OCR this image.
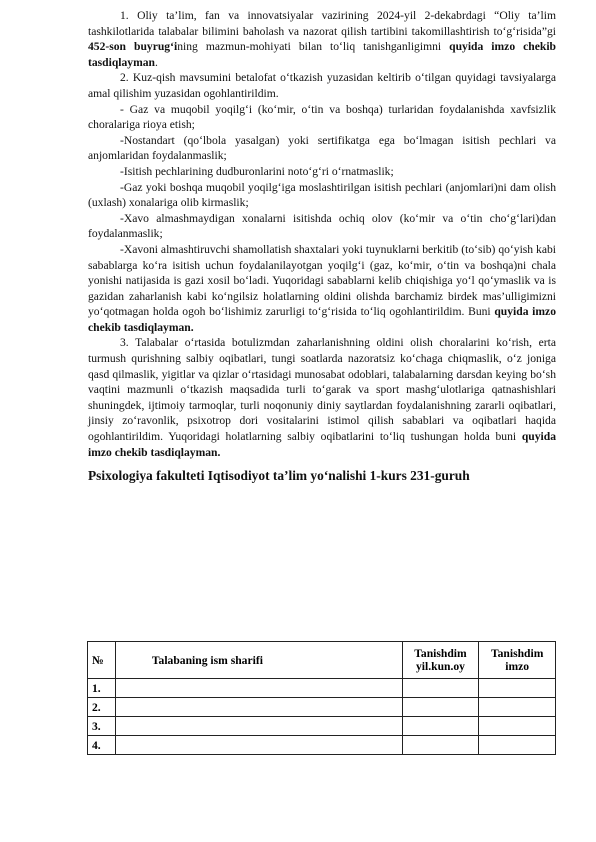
1. Oliy ta’lim, fan va innovatsiyalar vazirining 2024-yil 2-dekabrdagi “Oliy ta’lim tashkilotlarida talabalar bilimini baholash va nazorat qilish tartibini takomillashtirish to‘g‘risida”gi 452-son buyrug‘ining mazmun-mohiyati bilan to‘liq tanishganligimni quyida imzo chekib tasdiqlayman.

2. Kuz-qish mavsumini betalofat o‘tkazish yuzasidan keltirib o‘tilgan quyidagi tavsiyalarga amal qilishim yuzasidan ogohlantirildim.

- Gaz va muqobil yoqilg‘i (ko‘mir, o‘tin va boshqa) turlaridan foydalanishda xavfsizlik choralariga rioya etish;

-Nostandart (qo‘lbola yasalgan) yoki sertifikatga ega bo‘lmagan isitish pechlari va anjomlaridan foydalanmaslik;

-Isitish pechlarining dudburonlarini noto‘g‘ri o‘rnatmaslik;

-Gaz yoki boshqa muqobil yoqilg‘iga moslashtirilgan isitish pechlari (anjomlari)ni dam olish (uxlash) xonalariga olib kirmaslik;

-Xavo almashmaydigan xonalarni isitishda ochiq olov (ko‘mir va o‘tin cho‘g‘lari)dan foydalanmaslik;

-Xavoni almashtiruvchi shamollatish shaxtalari yoki tuynuklarni berkitib (to‘sib) qo‘yish kabi sabablarga ko‘ra isitish uchun foydalanilayotgan yoqilg‘i (gaz, ko‘mir, o‘tin va boshqa)ni chala yonishi natijasida is gazi xosil bo‘ladi. Yuqoridagi sabablarni kelib chiqishiga yo‘l qo‘ymaslik va is gazidan zaharlanish kabi ko‘ngilsiz holatlarning oldini olishda barchamiz birdek mas’ulligimizni yo‘qotmagan holda ogoh bo‘lishimiz zarurligi to‘g‘risida to‘liq ogohlantirildim. Buni quyida imzo chekib tasdiqlayman.

3. Talabalar o‘rtasida botulizmdan zaharlanishning oldini olish choralarini ko‘rish, erta turmush qurishning salbiy oqibatlari, tungi soatlarda nazoratsiz ko‘chaga chiqmaslik, o‘z joniga qasd qilmaslik, yigitlar va qizlar o‘rtasidagi munosabat odoblari, talabalarning darsdan keying bo‘sh vaqtini mazmunli o‘tkazish maqsadida turli to‘garak va sport mashg‘ulotlariga qatnashishlari shuningdek, ijtimoiy tarmoqlar, turli noqonuniy diniy saytlardan foydalanishning zararli oqibatlari, jinsiy zo‘ravonlik, psixotrop dori vositalarini istimol qilish sabablari va oqibatlari haqida ogohlantirildim. Yuqoridagi holatlarning salbiy oqibatlarini to‘liq tushungan holda buni quyida imzo chekib tasdiqlayman.

Psixologiya fakulteti Iqtisodiyot ta’lim yo‘nalishi 1-kurs 231-guruh

№	Talabaning ism sharifi	Tanishdim yil.kun.oy	Tanishdim imzo
1.			
2.			
3.			
4.			
